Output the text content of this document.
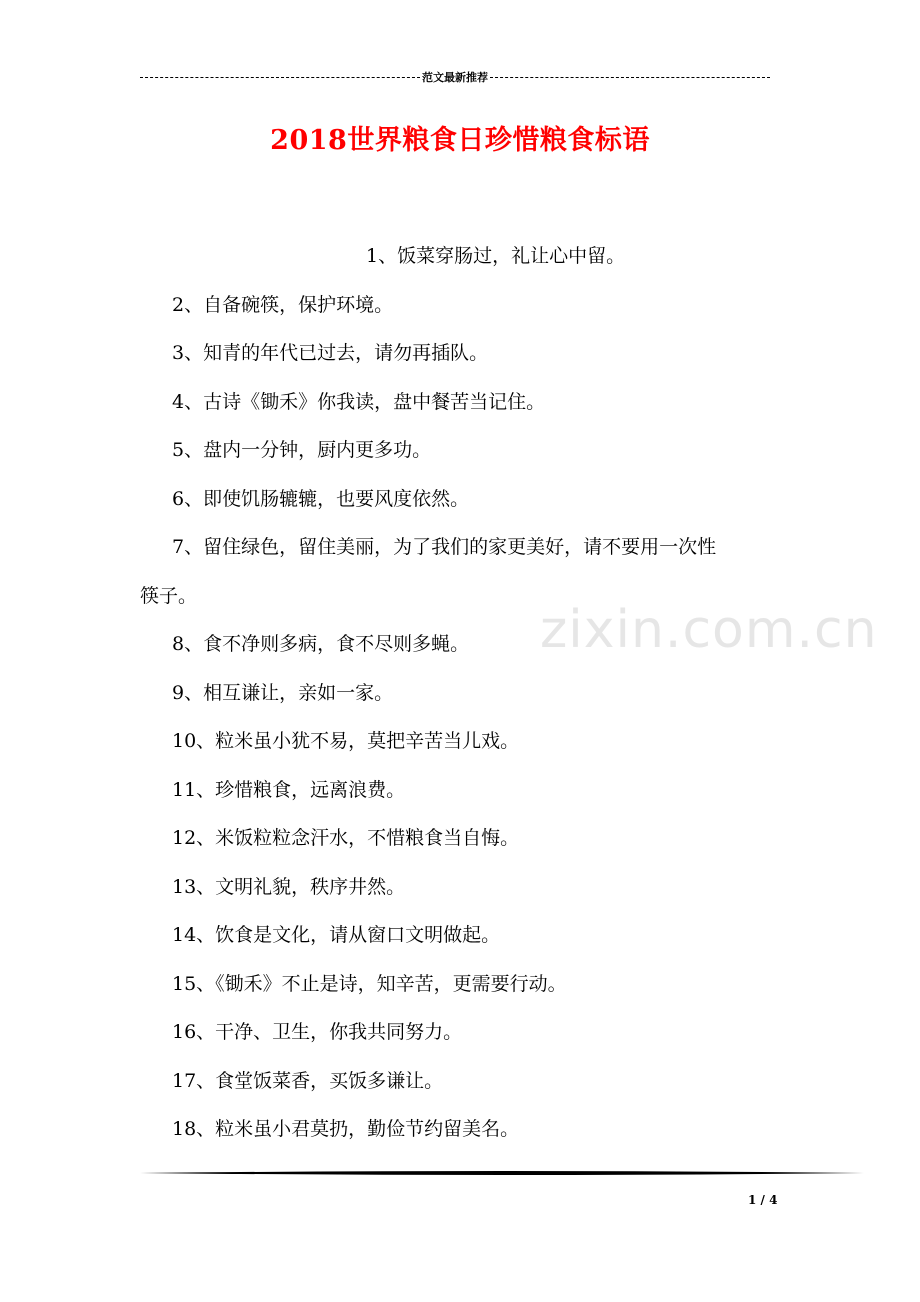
范文最新推荐
2018世界粮食日珍惜粮食标语
zixin.com.cn
1、饭菜穿肠过，礼让心中留。
2、自备碗筷，保护环境。
3、知青的年代已过去，请勿再插队。
4、古诗《锄禾》你我读，盘中餐苦当记住。
5、盘内一分钟，厨内更多功。
6、即使饥肠辘辘，也要风度依然。
7、留住绿色，留住美丽，为了我们的家更美好，请不要用一次性
筷子。
8、食不净则多病，食不尽则多蝇。
9、相互谦让，亲如一家。
10、粒米虽小犹不易，莫把辛苦当儿戏。
11、珍惜粮食，远离浪费。
12、米饭粒粒念汗水，不惜粮食当自悔。
13、文明礼貌，秩序井然。
14、饮食是文化，请从窗口文明做起。
15、《锄禾》不止是诗，知辛苦，更需要行动。
16、干净、卫生，你我共同努力。
17、食堂饭菜香，买饭多谦让。
18、粒米虽小君莫扔，勤俭节约留美名。
1 / 4
